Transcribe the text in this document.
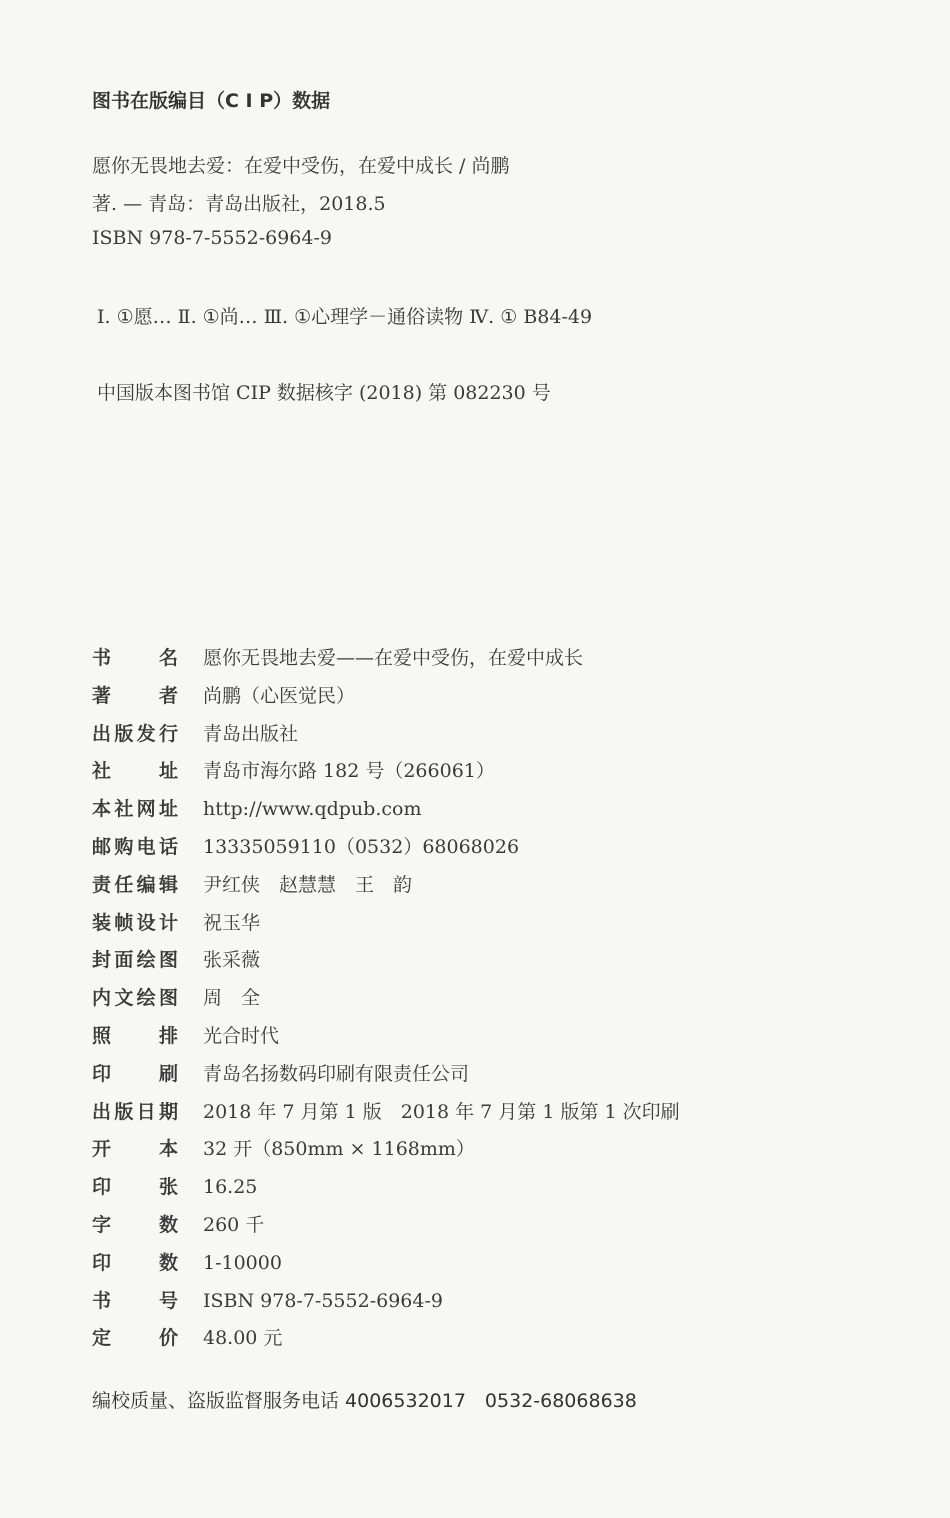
图书在版编目（C I P）数据
愿你无畏地去爱：在爱中受伤，在爱中成长 / 尚鹏
著. — 青岛：青岛出版社，2018.5
ISBN 978-7-5552-6964-9
Ⅰ. ①愿… Ⅱ. ①尚… Ⅲ. ①心理学－通俗读物 Ⅳ. ① B84-49
中国版本图书馆 CIP 数据核字 (2018) 第 082230 号
书	名 愿你无畏地去爱——在爱中受伤，在爱中成长
著	者 尚鹏（心医觉民）
出 版 发 行 青岛出版社
社	址 青岛市海尔路 182 号（266061）
本 社 网 址 http://www.qdpub.com
邮 购 电 话 13335059110（0532）68068026
责 任 编 辑 尹红侠　赵慧慧　王　韵
装 帧 设 计 祝玉华
封 面 绘 图 张采薇
内 文 绘 图 周　全
照	排 光合时代
印	刷 青岛名扬数码印刷有限责任公司
出 版 日 期 2018 年 7 月第 1 版　2018 年 7 月第 1 版第 1 次印刷
开	本 32 开（850mm × 1168mm）
印	张 16.25
字	数 260 千
印	数 1-10000
书	号 ISBN 978-7-5552-6964-9
定	价 48.00 元
编校质量、盗版监督服务电话 4006532017　0532-68068638
